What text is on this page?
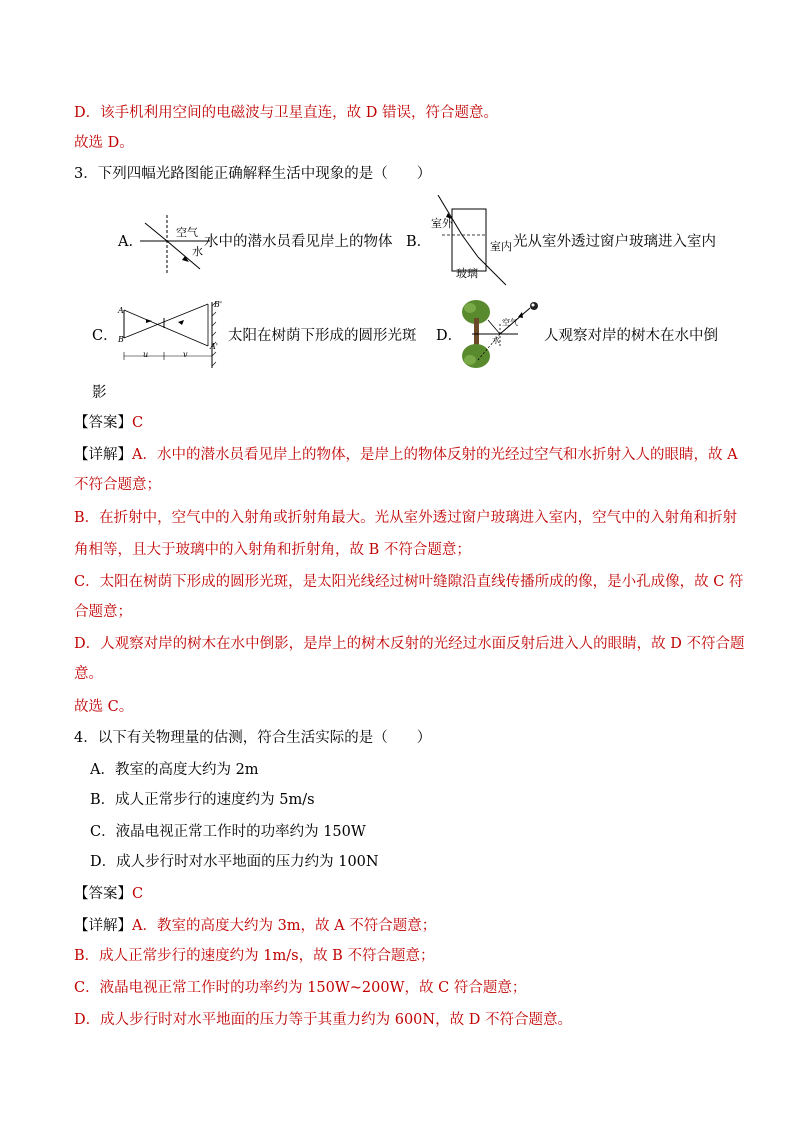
D．该手机利用空间的电磁波与卫星直连，故 D 错误，符合题意。
故选 D。
3．下列四幅光路图能正确解释生活中现象的是（　　）
A．
空气
水
水中的潜水员看见岸上的物体 B．
室外
室内
玻璃
光从室外透过窗户玻璃进入室内
C．
A
B
B'
A'
u	v
太阳在树荫下形成的圆形光斑 D．
空气
水	人观察对岸的树木在水中倒
影
【答案】C
【详解】A．水中的潜水员看见岸上的物体，是岸上的物体反射的光经过空气和水折射入人的眼睛，故 A
不符合题意；
B．在折射中，空气中的入射角或折射角最大。光从室外透过窗户玻璃进入室内，空气中的入射角和折射
角相等，且大于玻璃中的入射角和折射角，故 B 不符合题意；
C．太阳在树荫下形成的圆形光斑，是太阳光线经过树叶缝隙沿直线传播所成的像，是小孔成像，故 C 符
合题意；
D．人观察对岸的树木在水中倒影，是岸上的树木反射的光经过水面反射后进入人的眼睛，故 D 不符合题
意。
故选 C。
4．以下有关物理量的估测，符合生活实际的是（　　）
A．教室的高度大约为 2m
B．成人正常步行的速度约为 5m/s
C．液晶电视正常工作时的功率约为 150W
D．成人步行时对水平地面的压力约为 100N
【答案】C
【详解】A．教室的高度大约为 3m，故 A 不符合题意；
B．成人正常步行的速度约为 1m/s，故 B 不符合题意；
C．液晶电视正常工作时的功率约为 150W~200W，故 C 符合题意；
D．成人步行时对水平地面的压力等于其重力约为 600N，故 D 不符合题意。
